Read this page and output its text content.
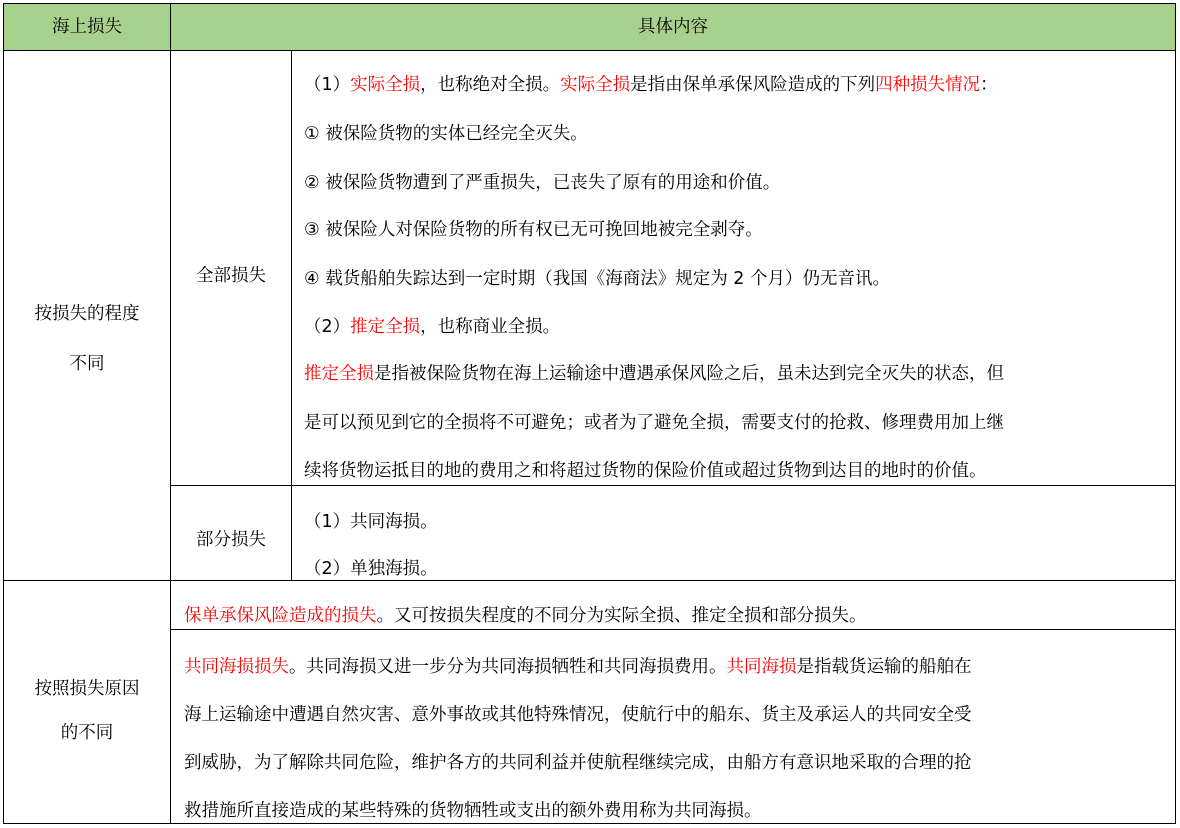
海上损失	具体内容
按损失的程度
不同
全部损失
（1）实际全损，也称绝对全损。实际全损是指由保单承保风险造成的下列四种损失情况：
① 被保险货物的实体已经完全灭失。
② 被保险货物遭到了严重损失，已丧失了原有的用途和价值。
③ 被保险人对保险货物的所有权已无可挽回地被完全剥夺。
④ 载货船舶失踪达到一定时期（我国《海商法》规定为 2 个月）仍无音讯。
（2）推定全损，也称商业全损。
推定全损是指被保险货物在海上运输途中遭遇承保风险之后，虽未达到完全灭失的状态，但
是可以预见到它的全损将不可避免；或者为了避免全损，需要支付的抢救、修理费用加上继
续将货物运抵目的地的费用之和将超过货物的保险价值或超过货物到达目的地时的价值。
部分损失
（1）共同海损。
（2）单独海损。
按照损失原因
的不同
保单承保风险造成的损失。又可按损失程度的不同分为实际全损、推定全损和部分损失。
共同海损损失。共同海损又进一步分为共同海损牺牲和共同海损费用。共同海损是指载货运输的船舶在
海上运输途中遭遇自然灾害、意外事故或其他特殊情况，使航行中的船东、货主及承运人的共同安全受
到威胁，为了解除共同危险，维护各方的共同利益并使航程继续完成，由船方有意识地采取的合理的抢
救措施所直接造成的某些特殊的货物牺牲或支出的额外费用称为共同海损。
